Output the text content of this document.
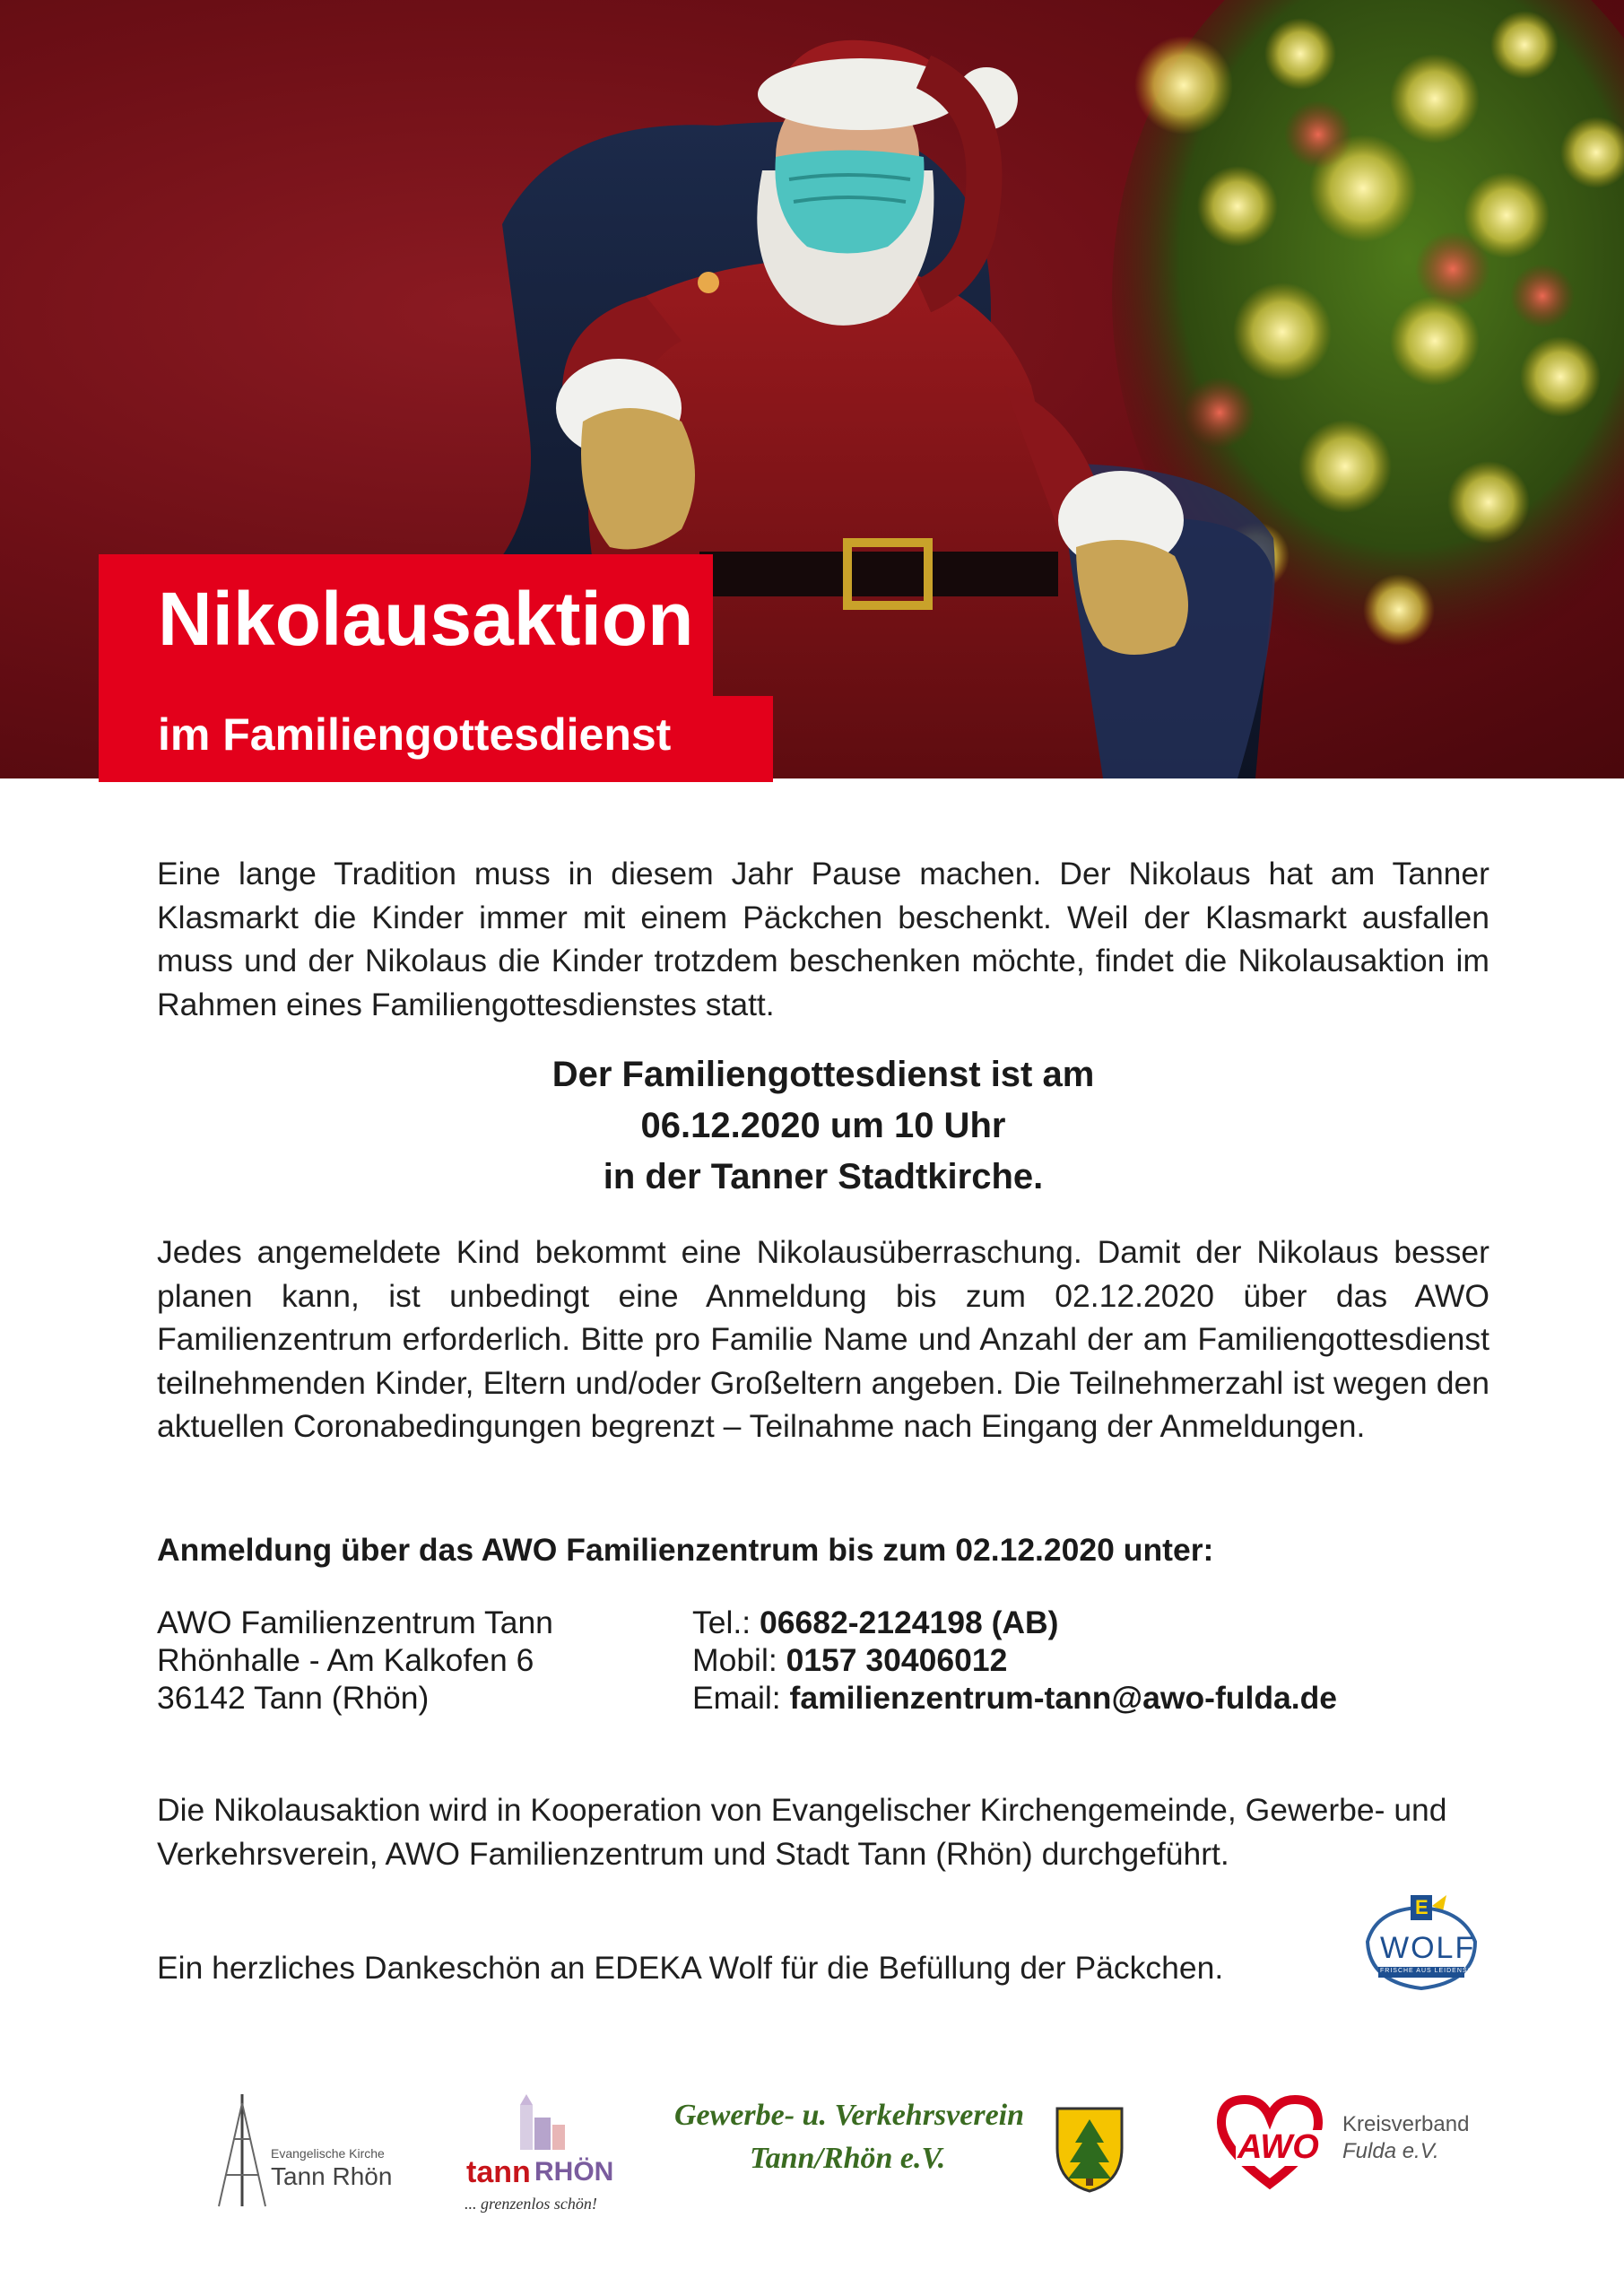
Nikolausaktion
im Familiengottesdienst
Eine lange Tradition muss in diesem Jahr Pause machen. Der Nikolaus hat am Tanner Klasmarkt die Kinder immer mit einem Päckchen beschenkt. Weil der Klasmarkt ausfallen muss und der Nikolaus die Kinder trotzdem beschenken möchte, findet die Nikolausaktion im Rahmen eines Familiengottesdienstes statt.
Der Familiengottesdienst ist am
06.12.2020 um 10 Uhr
in der Tanner Stadtkirche.
Jedes angemeldete Kind bekommt eine Nikolausüberraschung. Damit der Nikolaus besser planen kann, ist unbedingt eine Anmeldung bis zum 02.12.2020 über das AWO Familienzentrum erforderlich. Bitte pro Familie Name und Anzahl der am Familiengottesdienst teilnehmenden Kinder, Eltern und/oder Großeltern angeben. Die Teilnehmerzahl ist wegen den aktuellen Coronabedingungen begrenzt – Teilnahme nach Eingang der Anmeldungen.
Anmeldung über das AWO Familienzentrum bis zum 02.12.2020 unter:
AWO Familienzentrum Tann
Rhönhalle - Am Kalkofen 6
36142 Tann (Rhön)
Tel.: 06682-2124198 (AB)
Mobil: 0157 30406012
Email: familienzentrum-tann@awo-fulda.de
Die Nikolausaktion wird in Kooperation von Evangelischer Kirchengemeinde, Gewerbe- und Verkehrsverein, AWO Familienzentrum und Stadt Tann (Rhön) durchgeführt.
Ein herzliches Dankeschön an EDEKA Wolf für die Befüllung der Päckchen.
E
WOLF
FRISCHE AUS LEIDENSCHAFT
Evangelische Kirche
Tann Rhön tann RHÖN
... grenzenlos schön!
Gewerbe- u. Verkehrsverein
Tann/Rhön e.V.	AWO
Kreisverband
Fulda e.V.
